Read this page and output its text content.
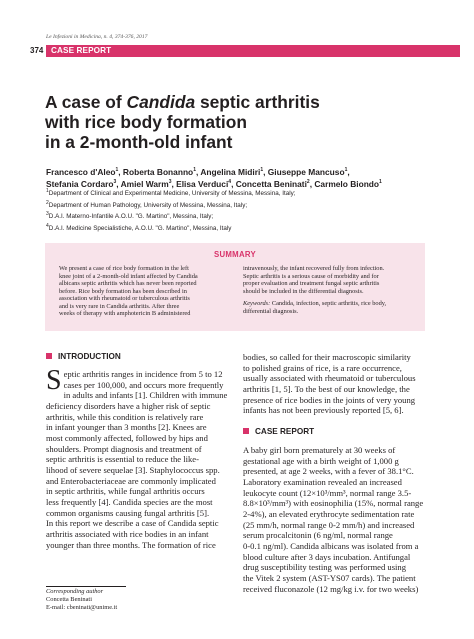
Le Infezioni in Medicina, n. 4, 374-376, 2017
374 CASE REPORT
A case of Candida septic arthritis
with rice body formation
in a 2-month-old infant
Francesco d'Aleo$^1$, Roberta Bonanno$^1$, Angelina Midiri$^1$, Giuseppe Mancuso$^1$,
Stefania Cordaro$^3$, Amiel Warm$^3$, Elisa Verduci$^4$, Concetta Beninati$^2$, Carmelo Biondo$^1$
$^1$Department of Clinical and Experimental Medicine, University of Messina, Messina, Italy;
$^2$Department of Human Pathology, University of Messina, Messina, Italy;
$^3$D.A.I. Materno-Infantile A.O.U. "G. Martino", Messina, Italy;
$^4$D.A.I. Medicine Specialistiche, A.O.U. "G. Martino", Messina, Italy
SUMMARY
We present a case of rice body formation in the left
knee joint of a 2-month-old infant affected by Candida
albicans septic arthritis which has never been reported
before. Rice body formation has been described in
association with rheumatoid or tuberculous arthritis
and is very rare in Candida arthritis. After three
weeks of therapy with amphotericin B administered
intravenously, the infant recovered fully from infection.
Septic arthritis is a serious cause of morbidity and for
proper evaluation and treatment fungal septic arthritis
should be included in the differential diagnosis.
Keywords: Candida, infection, septic arthritis, rice body,
differential diagnosis.
INTRODUCTION
S eptic arthritis ranges in incidence from 5 to 12
cases per 100,000, and occurs more frequently
in adults and infants [1]. Children with immune
deficiency disorders have a higher risk of septic
arthritis, while this condition is relatively rare
in infant younger than 3 months [2]. Knees are
most commonly affected, followed by hips and
shoulders. Prompt diagnosis and treatment of
septic arthritis is essential to reduce the like-
lihood of severe sequelae [3]. Staphylococcus spp.
and Enterobacteriaceae are commonly implicated
in septic arthritis, while fungal arthritis occurs
less frequently [4]. Candida species are the most
common organisms causing fungal arthritis [5].
In this report we describe a case of Candida septic
arthritis associated with rice bodies in an infant
younger than three months. The formation of rice
bodies, so called for their macroscopic similarity
to polished grains of rice, is a rare occurrence,
usually associated with rheumatoid or tuberculous
arthritis [1, 5]. To the best of our knowledge, the
presence of rice bodies in the joints of very young
infants has not been previously reported [5, 6].
CASE REPORT
A baby girl born prematurely at 30 weeks of
gestational age with a birth weight of 1,000 g
presented, at age 2 weeks, with a fever of 38.1°C.
Laboratory examination revealed an increased
leukocyte count (12×10³/mm³, normal range 3.5-
8.8×10³/mm³) with eosinophilia (15%, normal range
2-4%), an elevated erythrocyte sedimentation rate
(25 mm/h, normal range 0-2 mm/h) and increased
serum procalcitonin (6 ng/ml, normal range
0-0.1 ng/ml). Candida albicans was isolated from a
blood culture after 3 days incubation. Antifungal
drug susceptibility testing was performed using
the Vitek 2 system (AST-YS07 cards). The patient
received fluconazole (12 mg/kg i.v. for two weeks)
Corresponding author
Concetta Beninati
E-mail: cbeninati@unime.it
